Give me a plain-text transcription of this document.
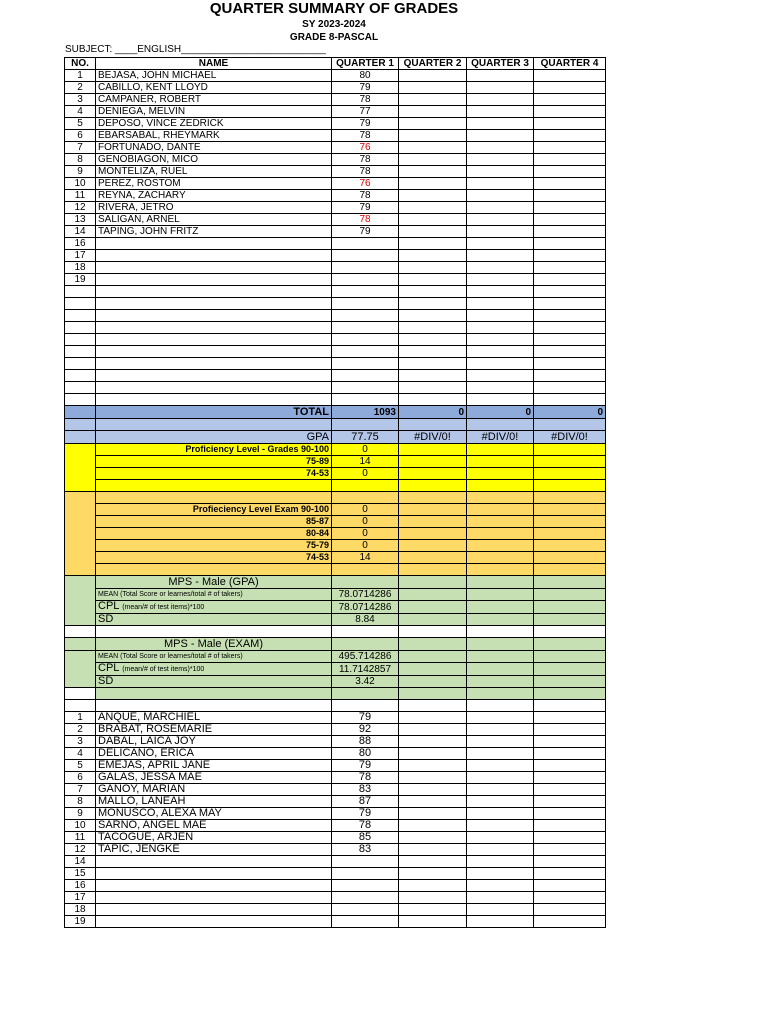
QUARTER SUMMARY OF GRADES
SY 2023-2024
GRADE 8-PASCAL
SUBJECT: ____ENGLISH__________________________
NO.	NAME	QUARTER 1	QUARTER 2	QUARTER 3	QUARTER 4
1	BEJASA, JOHN MICHAEL	80			
2	CABILLO, KENT LLOYD	79			
3	CAMPANER, ROBERT	78			
4	DENIEGA, MELVIN	77			
5	DEPOSO, VINCE ZEDRICK	79			
6	EBARSABAL, RHEYMARK	78			
7	FORTUNADO, DANTE	76			
8	GENOBIAGON, MICO	78			
9	MONTELIZA, RUEL	78			
10	PEREZ, ROSTOM	76			
11	REYNA, ZACHARY	78			
12	RIVERA, JETRO	79			
13	SALIGAN, ARNEL	78			
14	TAPING, JOHN FRITZ	79			
16					
17					
18					
19					

	TOTAL	1093	0	0	0

	GPA	77.75	#DIV/0!	#DIV/0!	#DIV/0!
	Proficiency Level - Grades 90-100	0			
	75-89	14			
	74-53	0			

	Profieciency Level Exam 90-100	0			
	85-87	0			
	80-84	0			
	75-79	0			
	74-53	14			

	MPS - Male (GPA)				
	MEAN (Total Score or learnes/total # of takers)	78.0714286			
	CPL (mean/# of test items)*100	78.0714286			
	SD	8.84			

	MPS - Male (EXAM)				
	MEAN (Total Score or learnes/total # of takers)	495.714286			
	CPL (mean/# of test items)*100	11.7142857			
	SD	3.42			

1	ANQUE, MARCHIEL	79			
2	BRABAT, ROSEMARIE	92			
3	DABAL, LAICA JOY	88			
4	DELICANO, ERICA	80			
5	EMEJAS, APRIL JANE	79			
6	GALAS, JESSA MAE	78			
7	GANOY, MARIAN	83			
8	MALLO, LANEAH	87			
9	MONUSCO, ALEXA MAY	79			
10	SARNO, ANGEL MAE	78			
11	TACOGUE, ARJEN	85			
12	TAPIC, JENGKE	83			
14					
15					
16					
17					
18					
19					
